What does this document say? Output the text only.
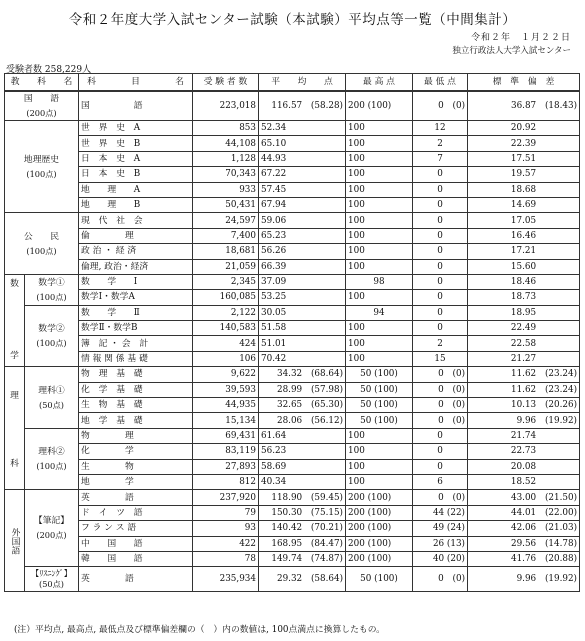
令和２年度大学入試センター試験（本試験）平均点等一覧（中間集計）
令和２年　１月２２日
独立行政法人大学入試センター
受験者数 258,229人
教　　科　　名		科　　　　目　　　　名	受 験 者 数	平　　均　　点	最 高 点	最 低 点	標　準　偏　差

国　　語
(200点)		国　　　　　語	223,018	116.57　(58.28)	200 (100)	0　(0)	36.87　(18.43)

地理歴史
(100点)		世　界　史　A	853	52.34	100	12	20.92
		世　界　史　B	44,108	65.10	100	2	22.39
		日　本　史　A	1,128	44.93	100	7	17.51
		日　本　史　B	70,343	67.22	100	0	19.57
		地　　理　　A	933	57.45	100	0	18.68
		地　　理　　B	50,431	67.94	100	0	14.69

公　　民
(100点)		現　代　社　会	24,597	59.06	100	0	17.05
		倫　　　　理	7,400	65.23	100	0	16.46
		政 治 ・ 経 済	18,681	56.26	100	0	17.21
		倫理, 政治・経済	21,059	66.39	100	0	15.60

数
学	数学①
(100点)	数　　学　　Ⅰ	2,345	37.09	98	0	18.46
		数学Ⅰ・数学A	160,085	53.25	100	0	18.73

	数学②
(100点)	数　　学　　Ⅱ	2,122	30.05	94	0	18.95
		数学Ⅱ・数学B	140,583	51.58	100	0	22.49
		簿　記 ・ 会　計	424	51.01	100	2	22.58
		情 報 関 係 基 礎	106	70.42	100	15	21.27

理
科	理科①
(50点)	物　理　基　礎	9,622	34.32　(68.64)	50 (100)	0　(0)	11.62　(23.24)
		化　学　基　礎	39,593	28.99　(57.98)	50 (100)	0　(0)	11.62　(23.24)
		生　物　基　礎	44,935	32.65　(65.30)	50 (100)	0　(0)	10.13　(20.26)
		地　学　基　礎	15,134	28.06　(56.12)	50 (100)	0　(0)	9.96　(19.92)

	理科②
(100点)	物　　　　理	69,431	61.64	100	0	21.74
		化　　　　学	83,119	56.23	100	0	22.73
		生　　　　物	27,893	58.69	100	0	20.08
		地　　　　学	812	40.34	100	6	18.52

外国語	【筆記】
(200点)	英　　　　語	237,920	118.90　(59.45)	200 (100)	0　(0)	43.00　(21.50)
		ド　イ　ツ　語	79	150.30　(75.15)	200 (100)	44 (22)	44.01　(22.00)
		フ ラ ン ス 語	93	140.42　(70.21)	200 (100)	49 (24)	42.06　(21.03)
		中　　国　　語	422	168.95　(84.47)	200 (100)	26 (13)	29.56　(14.78)
		韓　　国　　語	78	149.74　(74.87)	200 (100)	40 (20)	41.76　(20.88)

	【ﾘｽﾆﾝｸﾞ】
(50点)	英　　　　語	235,934	29.32　(58.64)	50 (100)	0　(0)	9.96　(19.92)
(注）平均点, 最高点, 最低点及び標準偏差欄の（　）内の数値は, 100点満点に換算したもの。
